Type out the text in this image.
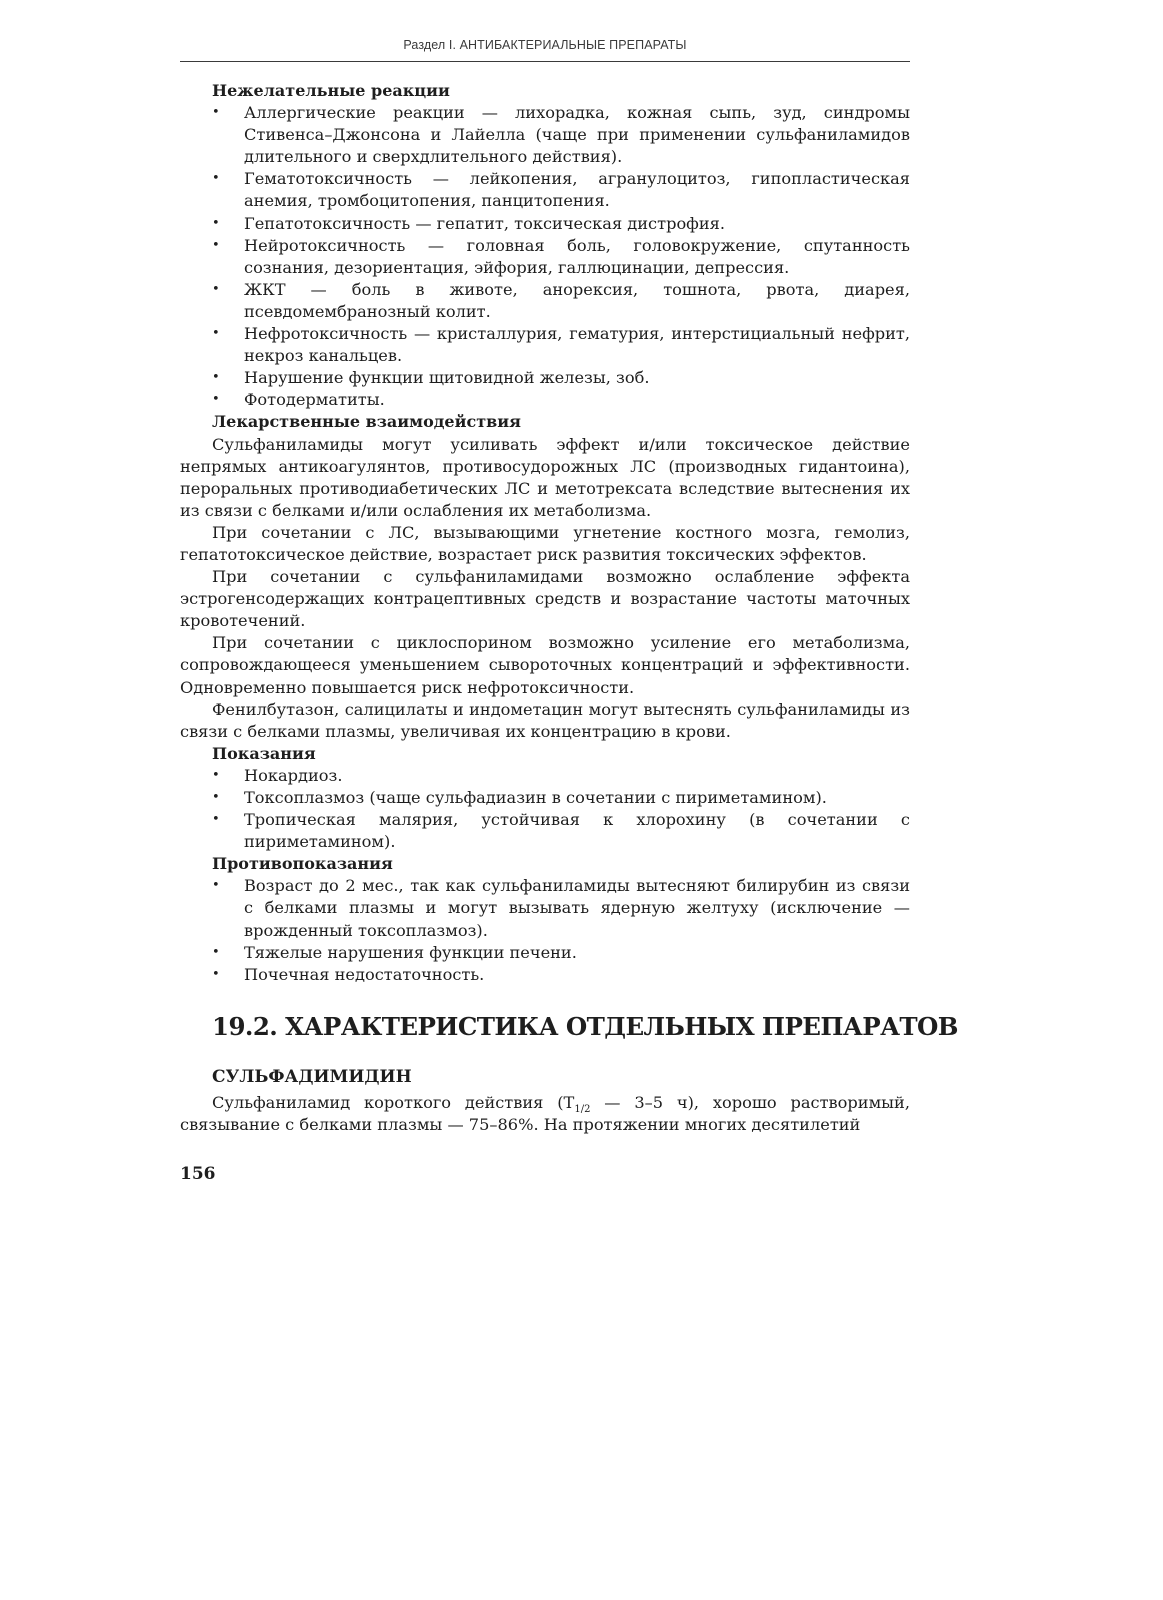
Раздел I. АНТИБАКТЕРИАЛЬНЫЕ ПРЕПАРАТЫ
Нежелательные реакции
• Аллергические реакции — лихорадка, кожная сыпь, зуд, синдромы Стивенса–Джонсона и Лайелла (чаще при применении сульфаниламидов длительного и сверхдлительного действия).
• Гематотоксичность — лейкопения, агранулоцитоз, гипопластическая анемия, тромбоцитопения, панцитопения.
• Гепатотоксичность — гепатит, токсическая дистрофия.
• Нейротоксичность — головная боль, головокружение, спутанность сознания, дезориентация, эйфория, галлюцинации, депрессия.
• ЖКТ — боль в животе, анорексия, тошнота, рвота, диарея, псевдомембранозный колит.
• Нефротоксичность — кристаллурия, гематурия, интерстициальный нефрит, некроз канальцев.
• Нарушение функции щитовидной железы, зоб.
• Фотодерматиты.
Лекарственные взаимодействия

Сульфаниламиды могут усиливать эффект и/или токсическое действие непрямых антикоагулянтов, противосудорожных ЛС (производных гидантоина), пероральных противодиабетических ЛС и метотрексата вследствие вытеснения их из связи с белками и/или ослабления их метаболизма.

При сочетании с ЛС, вызывающими угнетение костного мозга, гемолиз, гепатотоксическое действие, возрастает риск развития токсических эффектов.

При сочетании с сульфаниламидами возможно ослабление эффекта эстрогенсодержащих контрацептивных средств и возрастание частоты маточных кровотечений.

При сочетании с циклоспорином возможно усиление его метаболизма, сопровождающееся уменьшением сывороточных концентраций и эффективности. Одновременно повышается риск нефротоксичности.

Фенилбутазон, салицилаты и индометацин могут вытеснять сульфаниламиды из связи с белками плазмы, увеличивая их концентрацию в крови.

Показания
• Нокардиоз.
• Токсоплазмоз (чаще сульфадиазин в сочетании с пириметамином).
• Тропическая малярия, устойчивая к хлорохину (в сочетании с пириметамином).
Противопоказания
• Возраст до 2 мес., так как сульфаниламиды вытесняют билирубин из связи с белками плазмы и могут вызывать ядерную желтуху (исключение — врожденный токсоплазмоз).
• Тяжелые нарушения функции печени.
• Почечная недостаточность.
19.2. ХАРАКТЕРИСТИКА ОТДЕЛЬНЫХ ПРЕПАРАТОВ
СУЛЬФАДИМИДИН

Сульфаниламид короткого действия ($T_{1/2}$ — 3–5 ч), хорошо растворимый, связывание с белками плазмы — 75–86%. На протяжении многих десятилетий

156
